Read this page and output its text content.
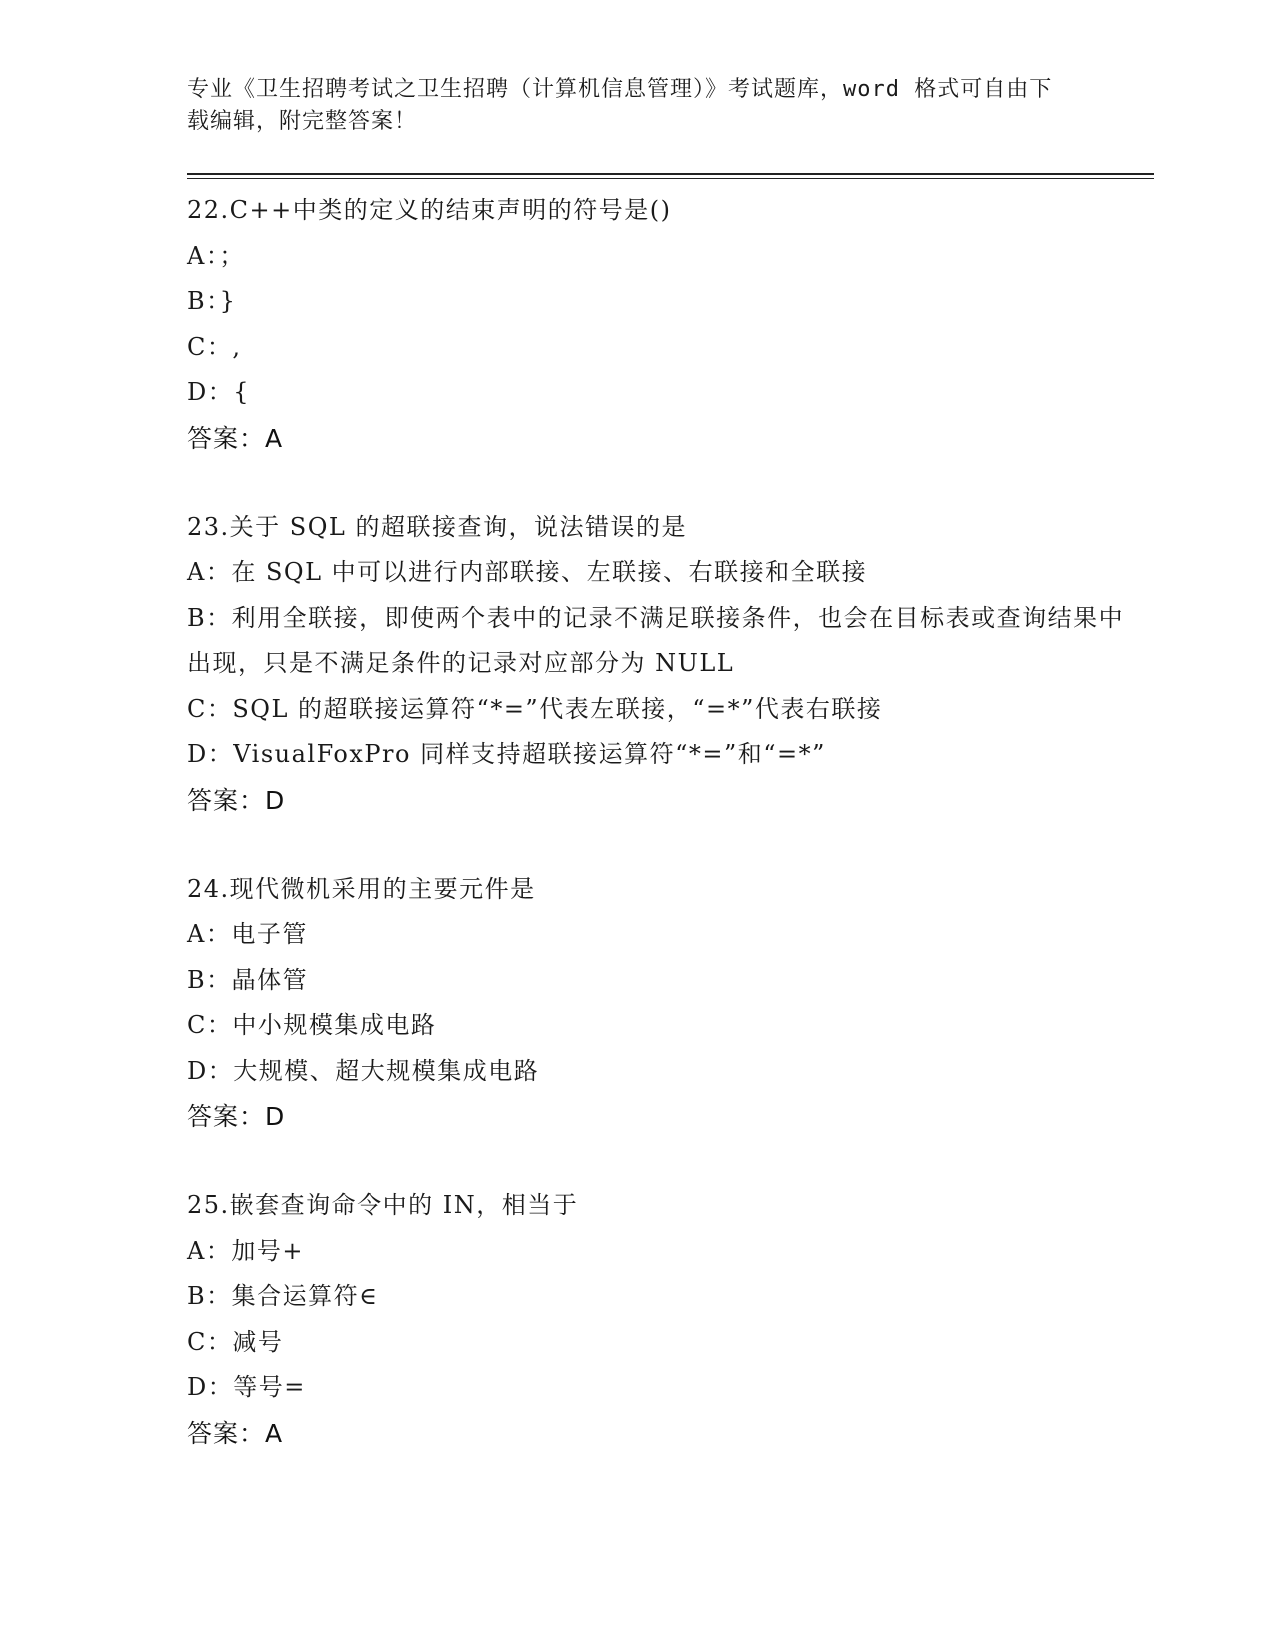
专业《卫生招聘考试之卫生招聘（计算机信息管理）》考试题库，word 格式可自由下载编辑，附完整答案！
22.C++中类的定义的结束声明的符号是()
A：；
B：}
C：,
D：{
答案：A
23.关于 SQL 的超联接查询，说法错误的是
A：在 SQL 中可以进行内部联接、左联接、右联接和全联接
B：利用全联接，即使两个表中的记录不满足联接条件，也会在目标表或查询结果中出现，只是不满足条件的记录对应部分为 NULL
C：SQL 的超联接运算符“*=”代表左联接，“=*”代表右联接
D：VisualFoxPro 同样支持超联接运算符“*=”和“=*”
答案：D
24.现代微机采用的主要元件是
A：电子管
B：晶体管
C：中小规模集成电路
D：大规模、超大规模集成电路
答案：D
25.嵌套查询命令中的 IN，相当于
A：加号+
B：集合运算符∈
C：减号
D：等号=
答案：A
